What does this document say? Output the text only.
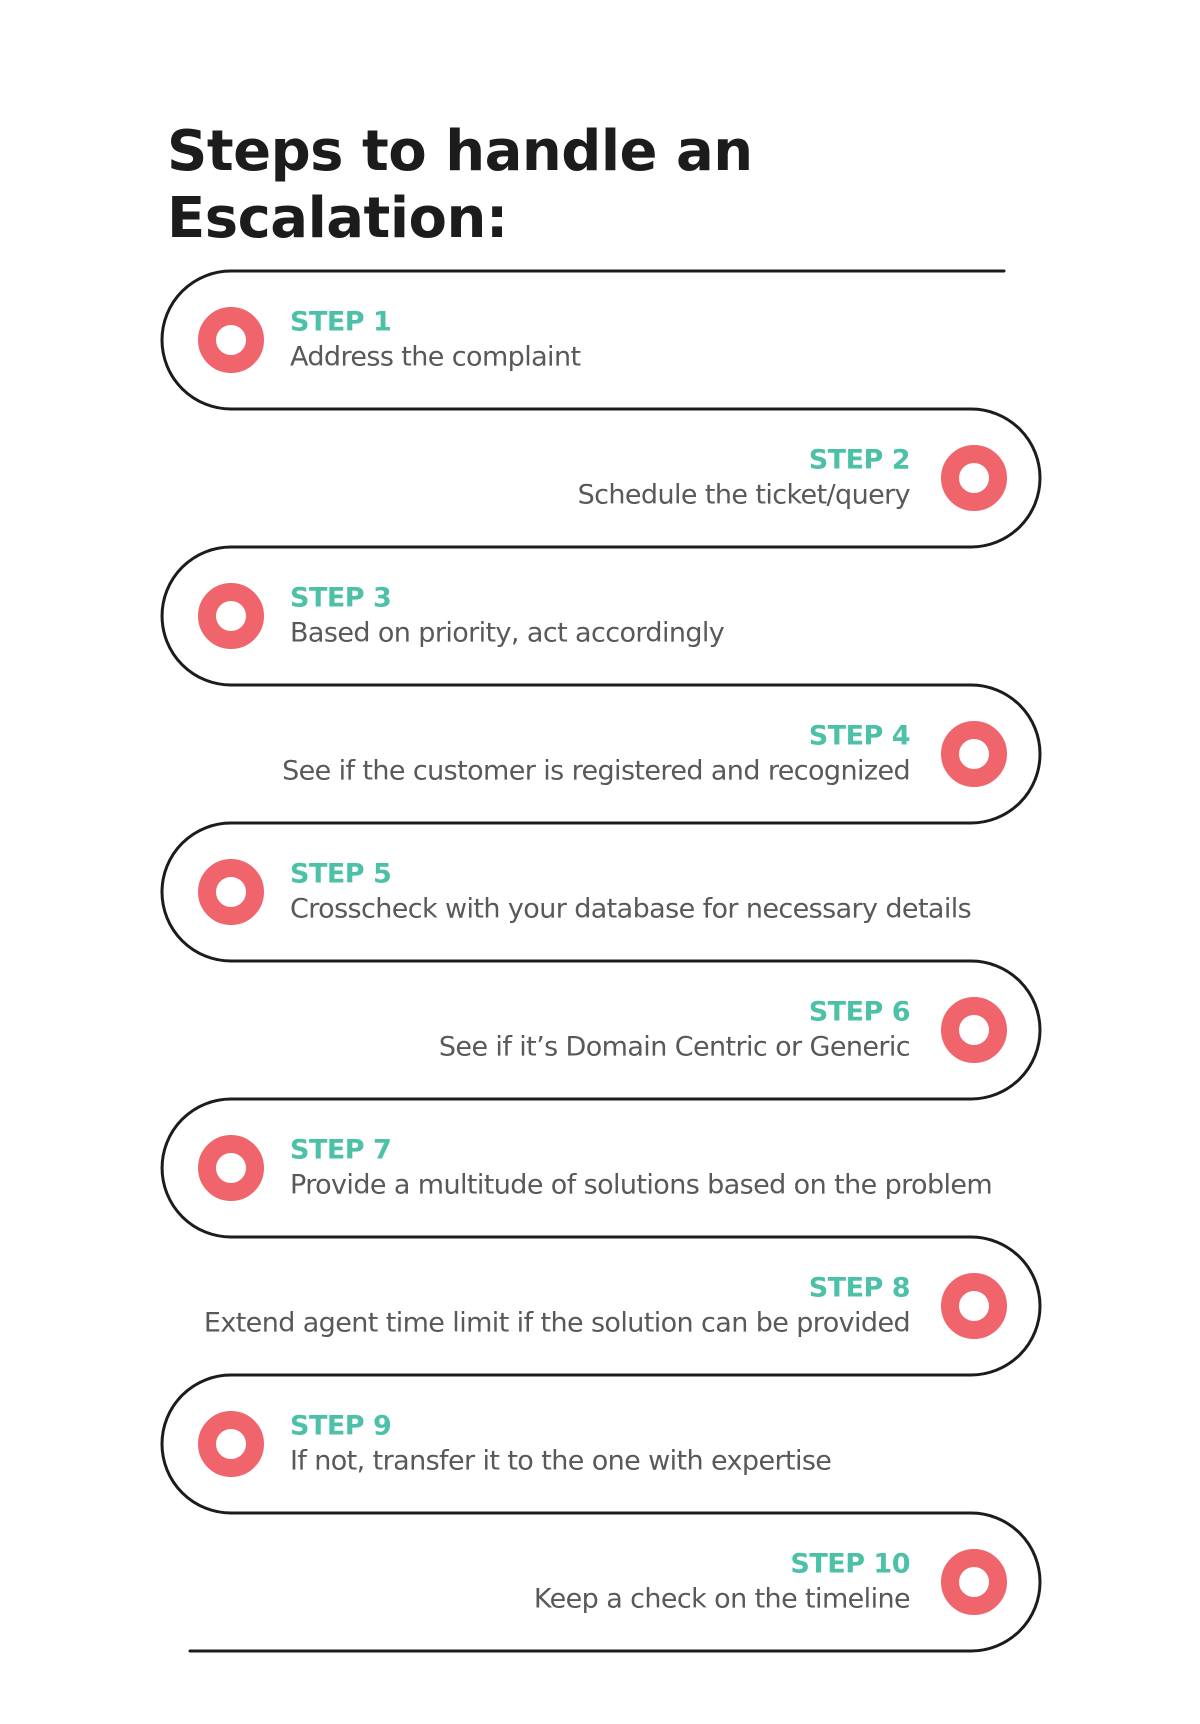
Steps to handle an Escalation:
STEP 1
Address the complaint
STEP 2
Schedule the ticket/query
STEP 3
Based on priority, act accordingly
STEP 4
See if the customer is registered and recognized
STEP 5
Crosscheck with your database for necessary details
STEP 6
See if it’s Domain Centric or Generic
STEP 7
Provide a multitude of solutions based on the problem
STEP 8
Extend agent time limit if the solution can be provided
STEP 9
If not, transfer it to the one with expertise
STEP 10
Keep a check on the timeline
